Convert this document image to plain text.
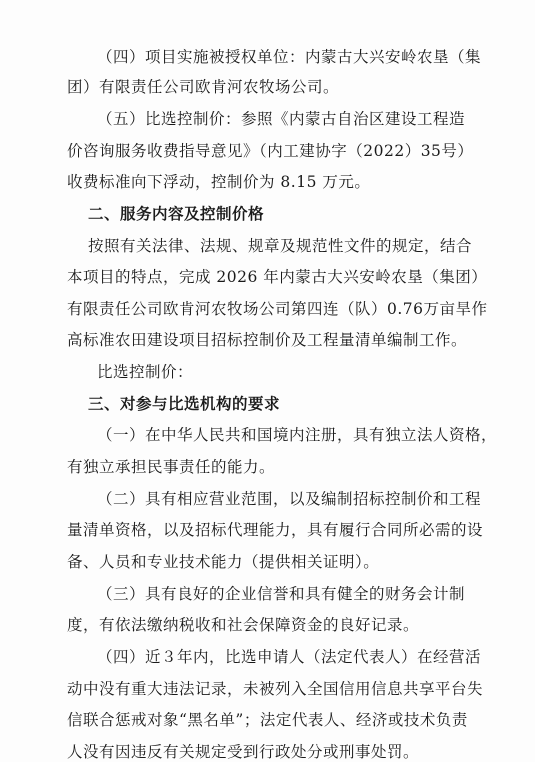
（四）项目实施被授权单位：内蒙古大兴安岭农垦（集
团）有限责任公司欧肯河农牧场公司。
（五）比选控制价：参照《内蒙古自治区建设工程造
价咨询服务收费指导意见》（内工建协字（2022）35号）
收费标准向下浮动，控制价为 8.15 万元。
二、服务内容及控制价格
按照有关法律、法规、规章及规范性文件的规定，结合
本项目的特点，完成 2026 年内蒙古大兴安岭农垦（集团）
有限责任公司欧肯河农牧场公司第四连（队）0.76万亩旱作
高标准农田建设项目招标控制价及工程量清单编制工作。
比选控制价：
三、对参与比选机构的要求
（一）在中华人民共和国境内注册，具有独立法人资格，
有独立承担民事责任的能力。
（二）具有相应营业范围，以及编制招标控制价和工程
量清单资格，以及招标代理能力，具有履行合同所必需的设
备、人员和专业技术能力（提供相关证明）。
（三）具有良好的企业信誉和具有健全的财务会计制
度，有依法缴纳税收和社会保障资金的良好记录。
（四）近３年内，比选申请人（法定代表人）在经营活
动中没有重大违法记录，未被列入全国信用信息共享平台失
信联合惩戒对象“黑名单”；法定代表人、经济或技术负责
人没有因违反有关规定受到行政处分或刑事处罚。
